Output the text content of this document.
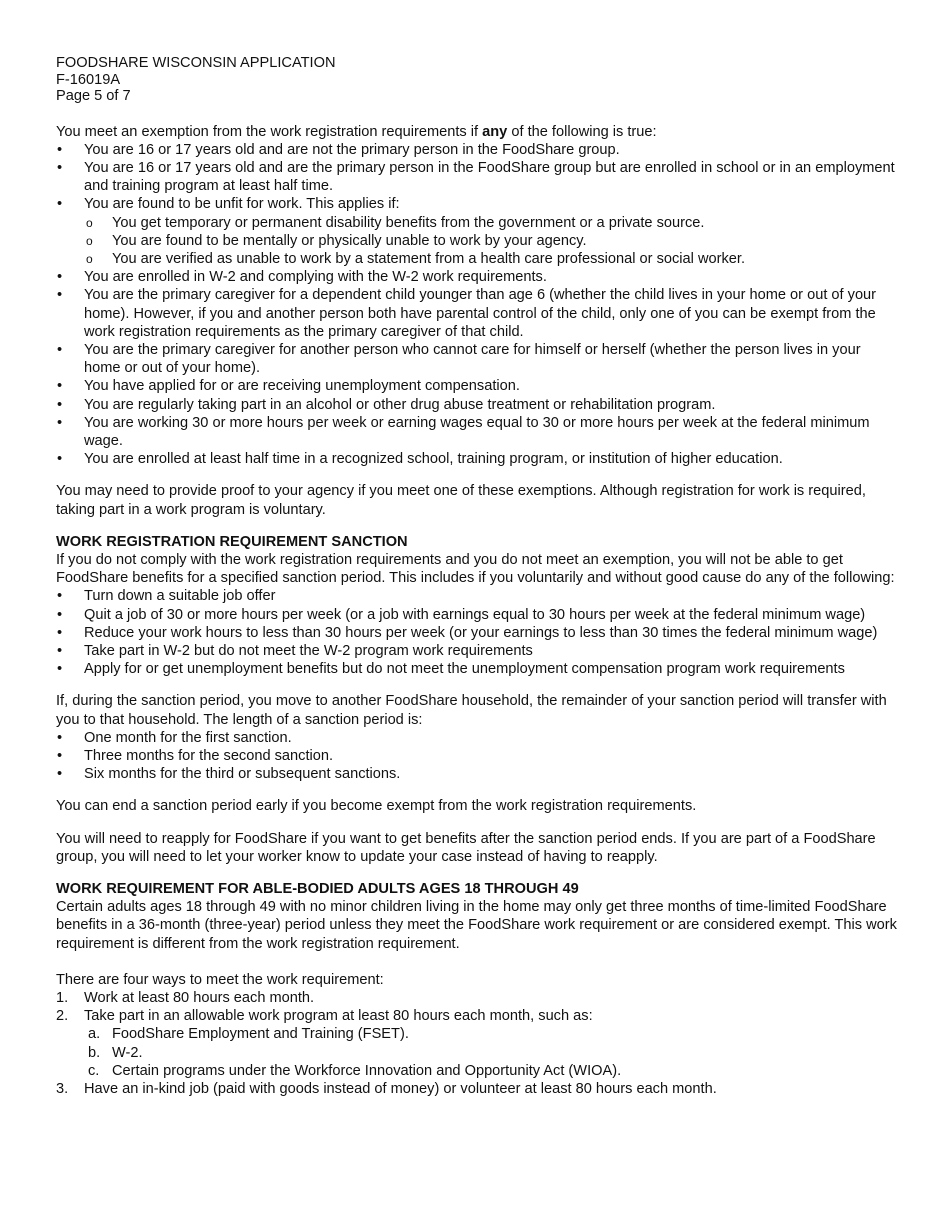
FOODSHARE WISCONSIN APPLICATION
F-16019A
Page 5 of 7

You meet an exemption from the work registration requirements if any of the following is true:

• You are 16 or 17 years old and are not the primary person in the FoodShare group.
• You are 16 or 17 years old and are the primary person in the FoodShare group but are enrolled in school or in an employment and training program at least half time.
• You are found to be unfit for work. This applies if:
o You get temporary or permanent disability benefits from the government or a private source.
o You are found to be mentally or physically unable to work by your agency.
o You are verified as unable to work by a statement from a health care professional or social worker.
• You are enrolled in W-2 and complying with the W-2 work requirements.
• You are the primary caregiver for a dependent child younger than age 6 (whether the child lives in your home or out of your home). However, if you and another person both have parental control of the child, only one of you can be exempt from the work registration requirements as the primary caregiver of that child.
• You are the primary caregiver for another person who cannot care for himself or herself (whether the person lives in your home or out of your home).
• You have applied for or are receiving unemployment compensation.
• You are regularly taking part in an alcohol or other drug abuse treatment or rehabilitation program.
• You are working 30 or more hours per week or earning wages equal to 30 or more hours per week at the federal minimum wage.
• You are enrolled at least half time in a recognized school, training program, or institution of higher education.

You may need to provide proof to your agency if you meet one of these exemptions. Although registration for work is required, taking part in a work program is voluntary.

WORK REGISTRATION REQUIREMENT SANCTION

If you do not comply with the work registration requirements and you do not meet an exemption, you will not be able to get FoodShare benefits for a specified sanction period. This includes if you voluntarily and without good cause do any of the following:

• Turn down a suitable job offer
• Quit a job of 30 or more hours per week (or a job with earnings equal to 30 hours per week at the federal minimum wage)
• Reduce your work hours to less than 30 hours per week (or your earnings to less than 30 times the federal minimum wage)
• Take part in W-2 but do not meet the W-2 program work requirements
• Apply for or get unemployment benefits but do not meet the unemployment compensation program work requirements

If, during the sanction period, you move to another FoodShare household, the remainder of your sanction period will transfer with you to that household. The length of a sanction period is:

• One month for the first sanction.
• Three months for the second sanction.
• Six months for the third or subsequent sanctions.

You can end a sanction period early if you become exempt from the work registration requirements.

You will need to reapply for FoodShare if you want to get benefits after the sanction period ends. If you are part of a FoodShare group, you will need to let your worker know to update your case instead of having to reapply.

WORK REQUIREMENT FOR ABLE-BODIED ADULTS AGES 18 THROUGH 49

Certain adults ages 18 through 49 with no minor children living in the home may only get three months of time-limited FoodShare benefits in a 36-month (three-year) period unless they meet the FoodShare work requirement or are considered exempt. This work requirement is different from the work registration requirement.

There are four ways to meet the work requirement:

1. Work at least 80 hours each month.
2. Take part in an allowable work program at least 80 hours each month, such as:
a. FoodShare Employment and Training (FSET).
b. W-2.
c. Certain programs under the Workforce Innovation and Opportunity Act (WIOA).
3. Have an in-kind job (paid with goods instead of money) or volunteer at least 80 hours each month.
